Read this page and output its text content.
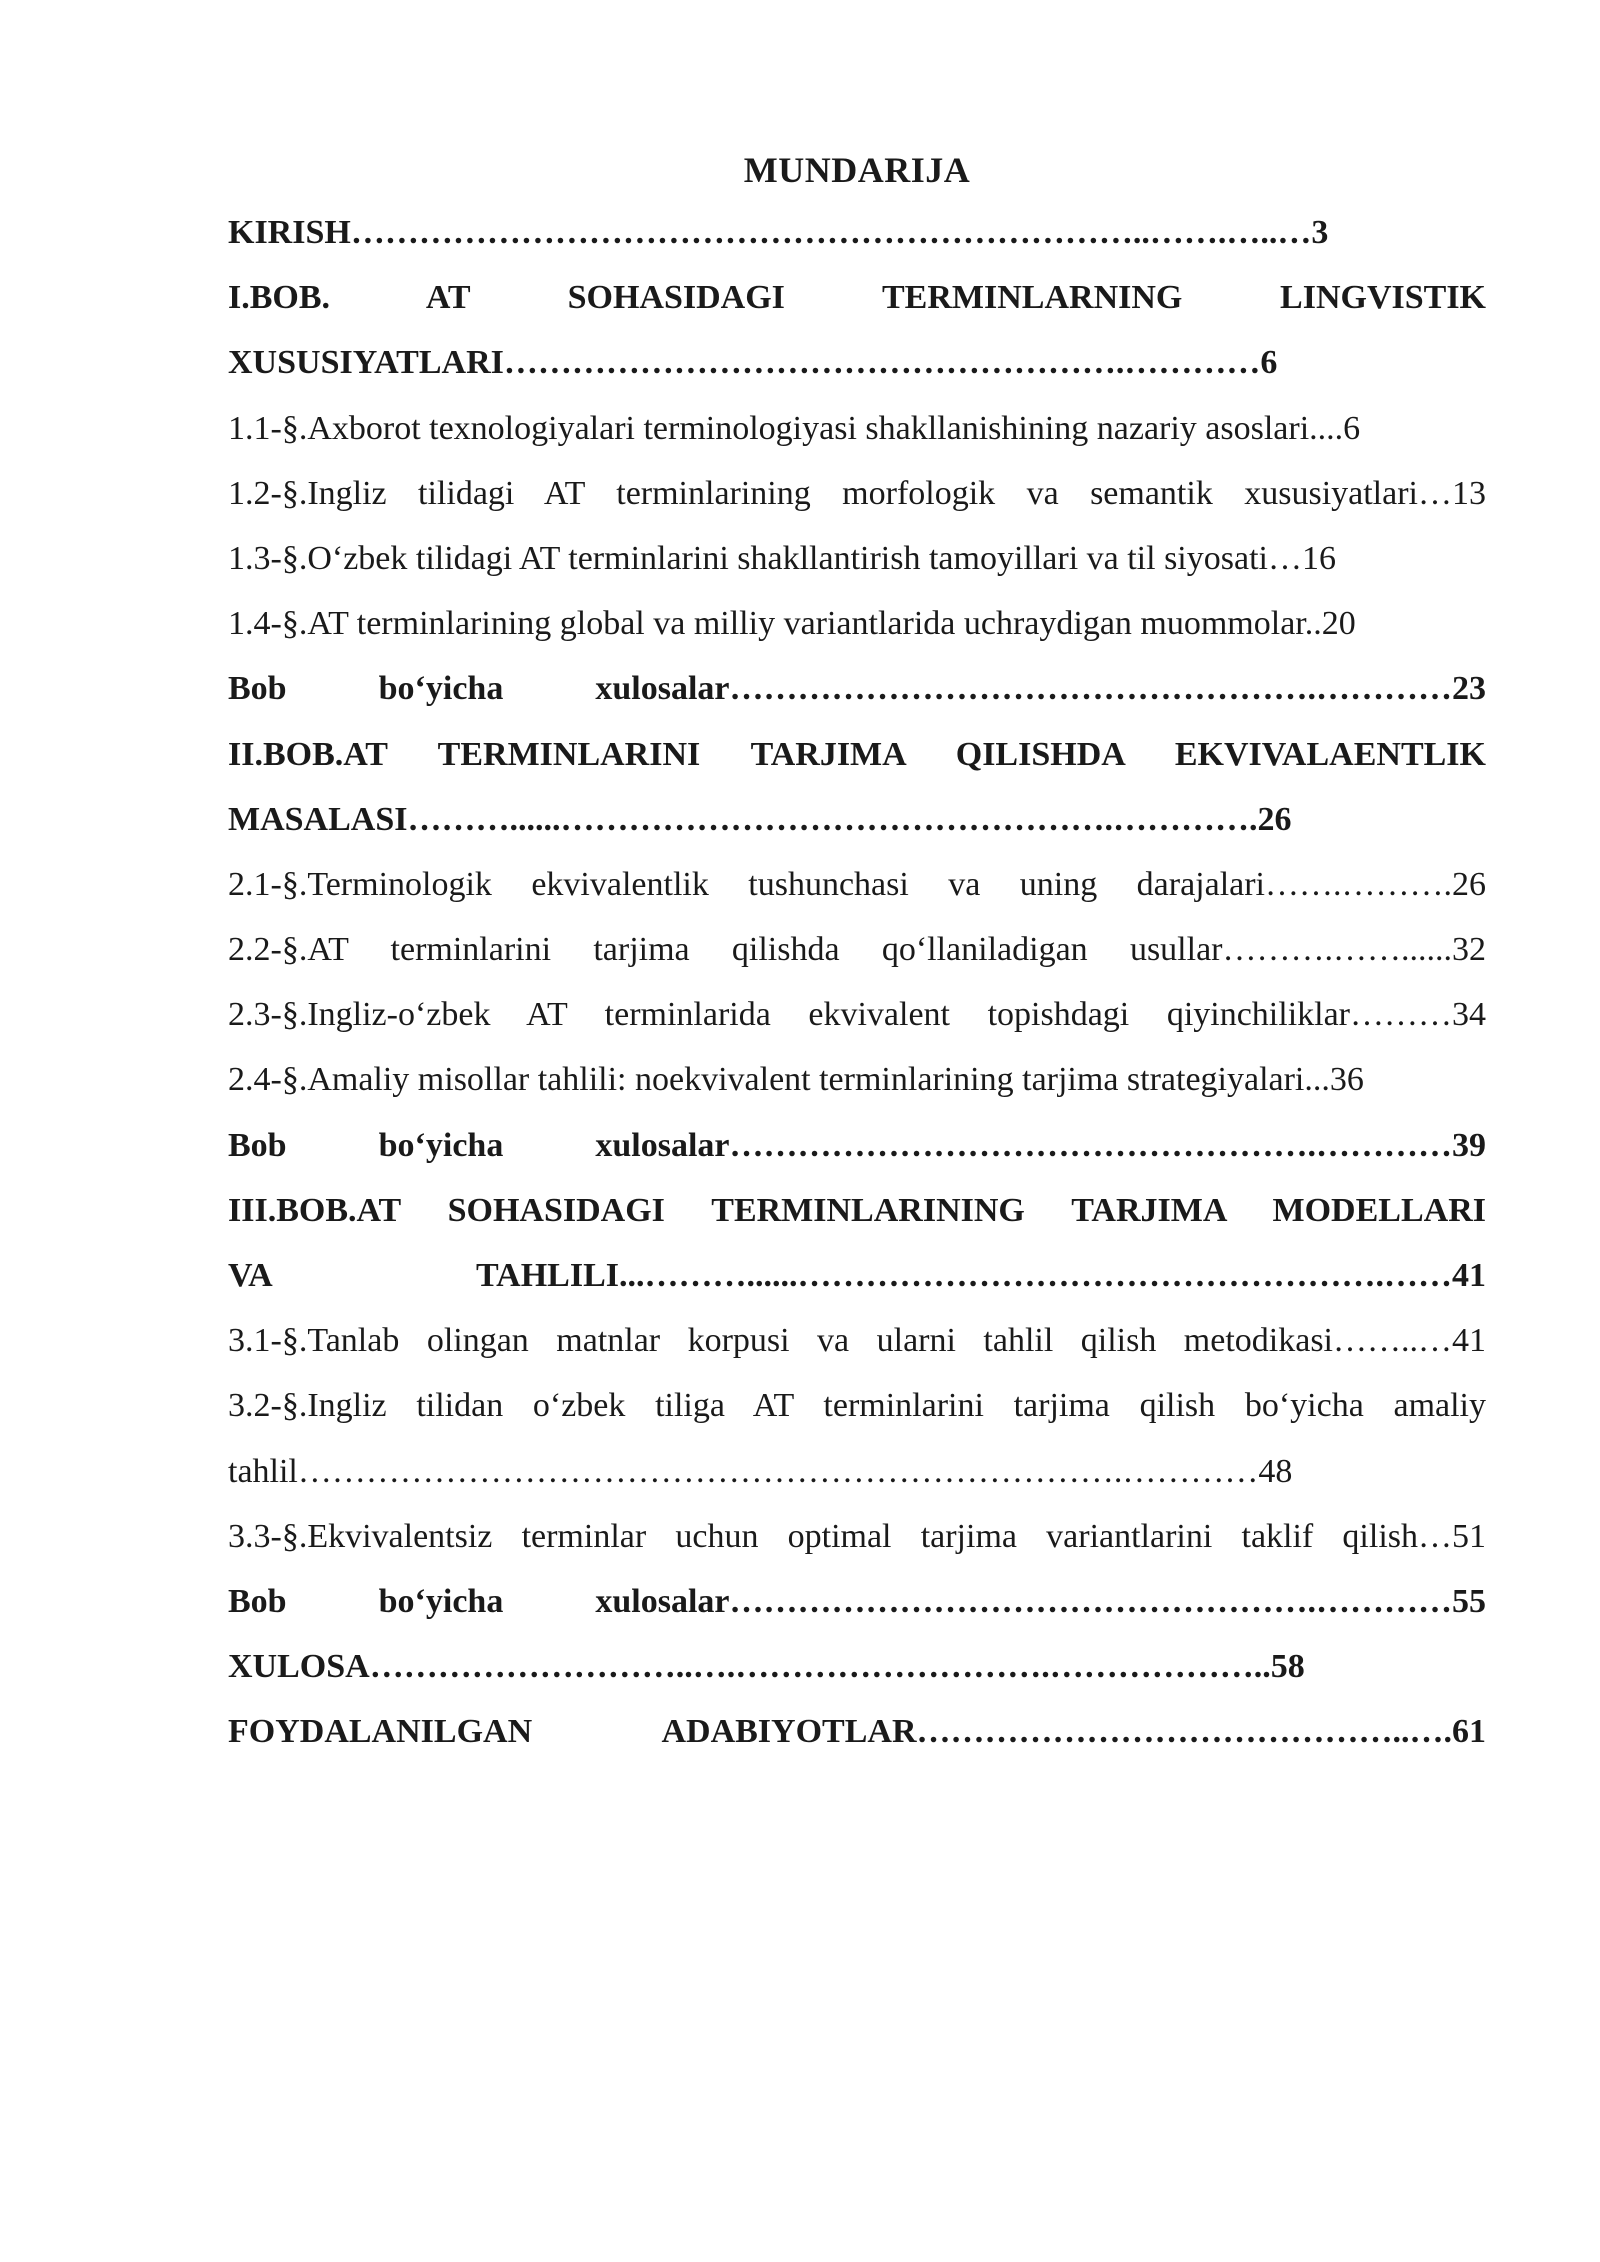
MUNDARIJA
KIRISH……………………………………………………………..…….…..…3
I.BOB. AT SOHASIDAGI TERMINLARNING LINGVISTIK
XUSUSIYATLARI……………………………………………….…………6
1.1-§.Axborot texnologiyalari terminologiyasi shakllanishining nazariy asoslari....6
1.2-§.Ingliz tilidagi AT terminlarining morfologik va semantik xususiyatlari…13
1.3-§.O‘zbek tilidagi AT terminlarini shakllantirish tamoyillari va til siyosati…16
1.4-§.AT terminlarining global va milliy variantlarida uchraydigan muommolar..20
Bob bo‘yicha xulosalar…………………………………………….…………23
II.BOB.AT TERMINLARINI TARJIMA QILISHDA EKVIVALAENTLIK
MASALASI………......………………………………………….………….26
2.1-§.Terminologik ekvivalentlik tushunchasi va uning darajalari…….……….26
2.2-§.AT terminlarini tarjima qilishda qo‘llaniladigan usullar……….……......32
2.3-§.Ingliz-o‘zbek AT terminlarida ekvivalent topishdagi qiyinchiliklar………34
2.4-§.Amaliy misollar tahlili: noekvivalent terminlarining tarjima strategiyalari...36
Bob bo‘yicha xulosalar…………………………………………….…………39
III.BOB.AT SOHASIDAGI TERMINLARINING TARJIMA MODELLARI
VA TAHLILI...………......…………………………………………….……41
3.1-§.Tanlab olingan matnlar korpusi va ularni tahlil qilish metodikasi……..…41
3.2-§.Ingliz tilidan o‘zbek tiliga AT terminlarini tarjima qilish bo‘yicha amaliy
tahlil……………………………………………………………….…………48
3.3-§.Ekvivalentsiz terminlar uchun optimal tarjima variantlarini taklif qilish…51
Bob bo‘yicha xulosalar…………………………………………….…………55
XULOSA………………………..….……………………….………………..58
FOYDALANILGAN ADABIYOTLAR……………………………………..….61
